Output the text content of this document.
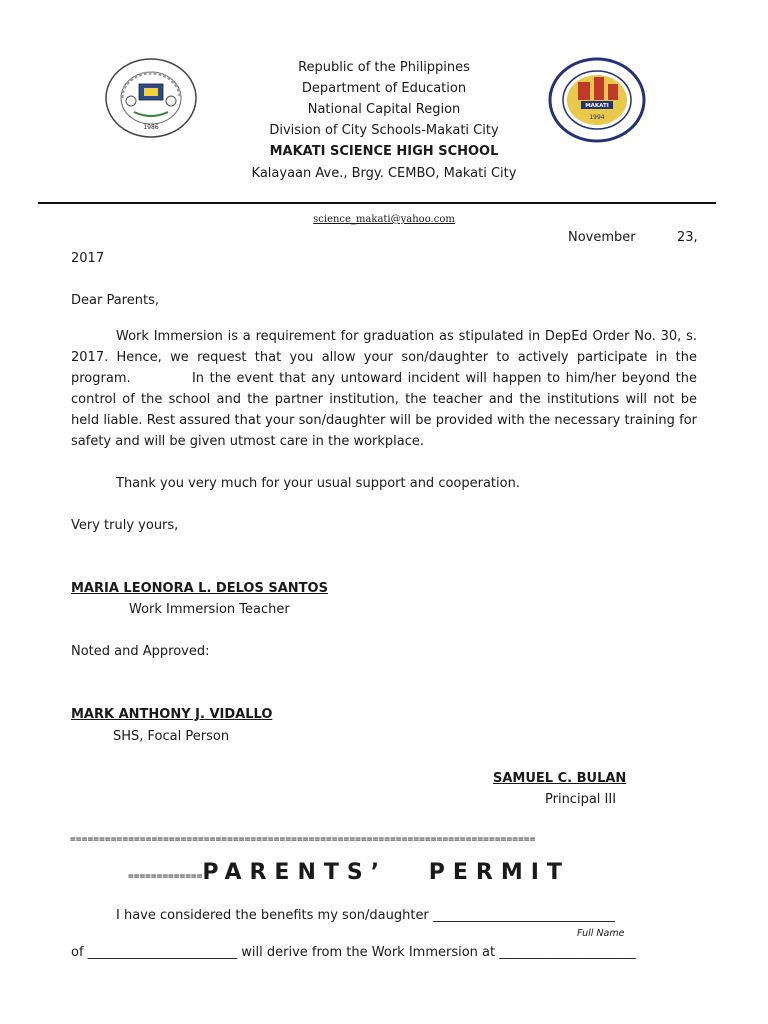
1986
MAKATI
1994
Republic of the Philippines
Department of Education
National Capital Region
Division of City Schools-Makati City
MAKATI SCIENCE HIGH SCHOOL
Kalayaan Ave., Brgy. CEMBO, Makati City
science_makati@yahoo.com
November	23,
2017
Dear Parents,
Work Immersion is a requirement for graduation as stipulated in DepEd Order No. 30, s. 2017. Hence, we request that you allow your son/daughter to actively participate in the program.           In the event that any untoward incident will happen to him/her beyond the control of the school and the partner institution, the teacher and the institutions will not be held liable. Rest assured that your son/daughter will be provided with the necessary training for safety and will be given utmost care in the workplace.
Thank you very much for your usual support and cooperation.
Very truly yours,
MARIA LEONORA L. DELOS SANTOS
Work Immersion Teacher
Noted and Approved:
MARK ANTHONY J. VIDALLO
SHS, Focal Person
SAMUEL C. BULAN
Principal III
================================================================================
=============PARENTS’ PERMIT
I have considered the benefits my son/daughter ____________________________
Full Name
of _______________________ will derive from the Work Immersion at _____________________
